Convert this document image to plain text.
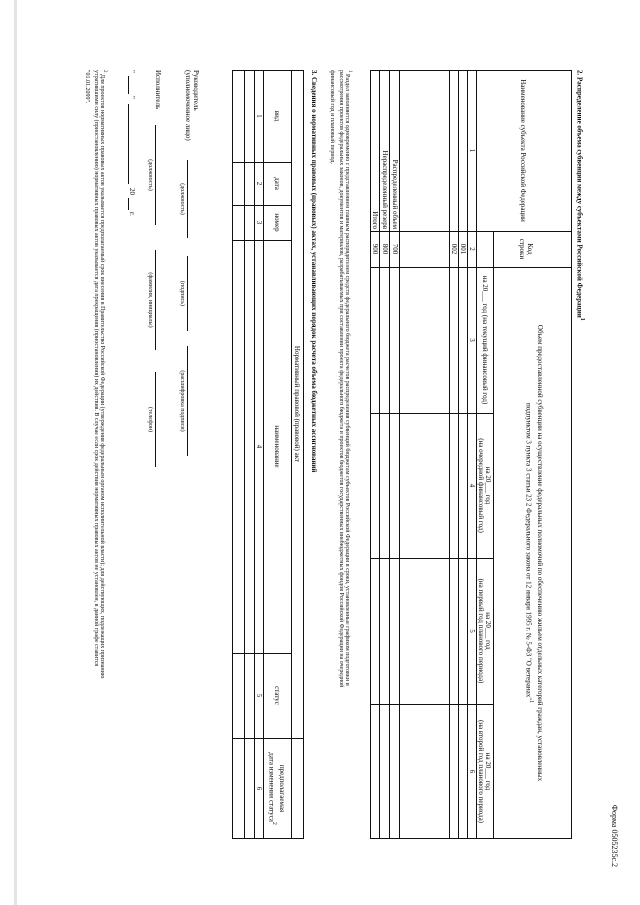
Форма 0505235с.2
2. Распределение объема субвенции между субъектами Российской Федерации$^1$
Наименование субъекта Российской Федерации
Код
строки
Объем предоставленной субвенции на осуществление федеральных полномочий по обеспечению жильем отдельных категорий граждан, установленных
подпунктом 3 пункта 3 статьи 23 2 Федерального закона от 12 января 1995 г. № 5-ФЗ "О ветеранах"$^1$
на 20___ год (на текущий финансовый год)
на 20___ год
(на очередной финансовый год)
на 20___ год
(на первый год планового периода)
на 20___ год
(на второй год планового периода)
1
2
3
4
5
6
001
002
Распределенный объем
700
Нераспределенный резерв
800
Итого
900
$^1$ Раздел заполняется одновременно с представлением главным распорядителем средств федерального бюджета расчетов распределения субвенций бюджетам субъектов Российской Федерации в сроки, установленные графиком подготовки и
рассмотрения проектов федеральных законов, документов и материалов, разрабатываемых при составлении проекта федерального бюджета и проектов бюджетов государственных внебюджетных фондов Российской Федерации на очередной
финансовый год и плановый период.
3. Сведения о нормативных правовых (правовых) актах, устанавливающих порядок расчета объема бюджетных ассигнований
Нормативный правовой (правовой) акт
вид
дата
номер
наименование
статус
предполагаемая
дата изменения статуса$^2$
1
2
3
4
5
6
Руководитель
(уполномоченное лицо)
(должность)
(подпись)
(расшифровка подписи)
Исполнитель
(должность)
(фамилия, инициалы)
(телефон)
"
"
20
г.
$^2$ Для проектов нормативных правовых актов указывается предполагаемый срок внесения в Правительство Российской Федерации (утверждения федеральным органом исполнительной власти); для действующих, подлежащих признанию
утратившими силу (приостановлению) нормативных правовых актов указывается дата прекращения (приостановления) их действия. В случае если срок действия нормативных правовых актов не установлен, в данной графе ставится
"01.01.2099".
